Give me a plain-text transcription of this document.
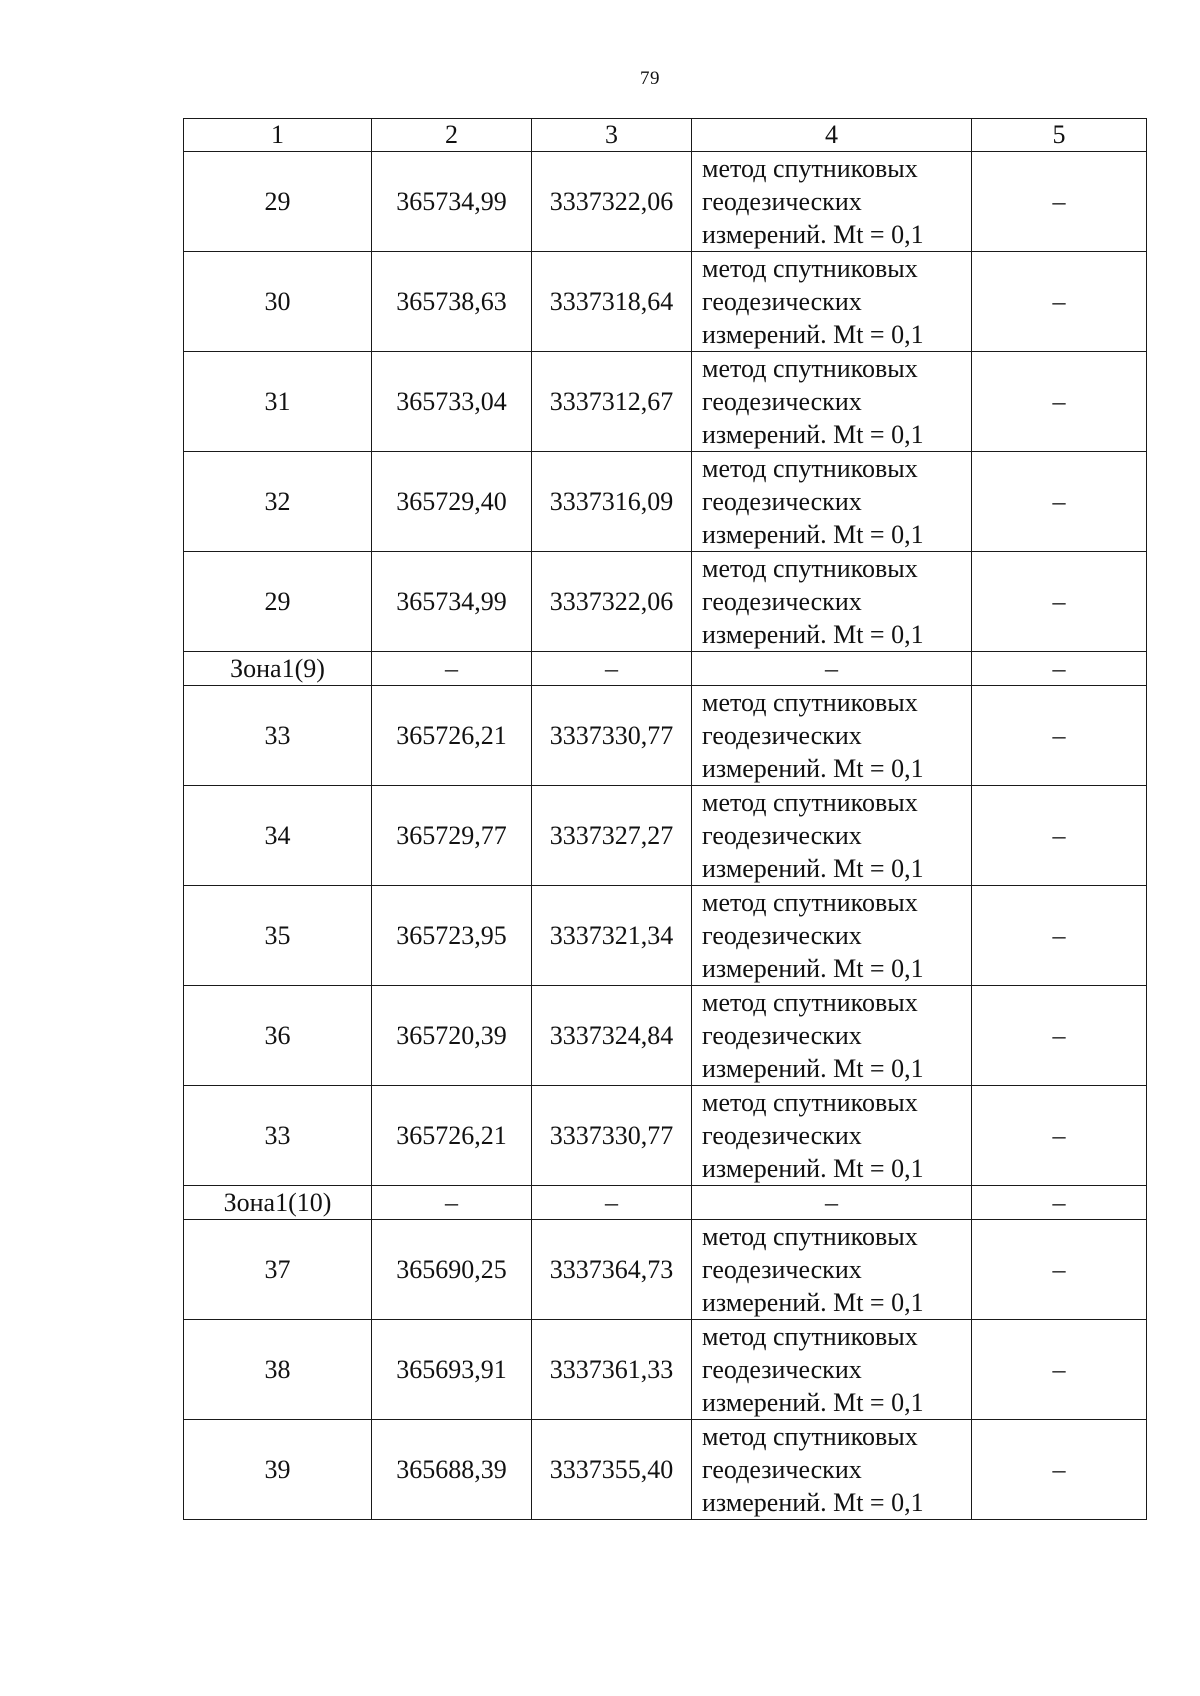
79
1	2	3	4	5
29	365734,99	3337322,06	метод спутниковых
геодезических
измерений. Mt = 0,1	–
30	365738,63	3337318,64	метод спутниковых
геодезических
измерений. Mt = 0,1	–
31	365733,04	3337312,67	метод спутниковых
геодезических
измерений. Mt = 0,1	–
32	365729,40	3337316,09	метод спутниковых
геодезических
измерений. Mt = 0,1	–
29	365734,99	3337322,06	метод спутниковых
геодезических
измерений. Mt = 0,1	–
Зона1(9)	–	–	–	–
33	365726,21	3337330,77	метод спутниковых
геодезических
измерений. Mt = 0,1	–
34	365729,77	3337327,27	метод спутниковых
геодезических
измерений. Mt = 0,1	–
35	365723,95	3337321,34	метод спутниковых
геодезических
измерений. Mt = 0,1	–
36	365720,39	3337324,84	метод спутниковых
геодезических
измерений. Mt = 0,1	–
33	365726,21	3337330,77	метод спутниковых
геодезических
измерений. Mt = 0,1	–
Зона1(10)	–	–	–	–
37	365690,25	3337364,73	метод спутниковых
геодезических
измерений. Mt = 0,1	–
38	365693,91	3337361,33	метод спутниковых
геодезических
измерений. Mt = 0,1	–
39	365688,39	3337355,40	метод спутниковых
геодезических
измерений. Mt = 0,1	–
